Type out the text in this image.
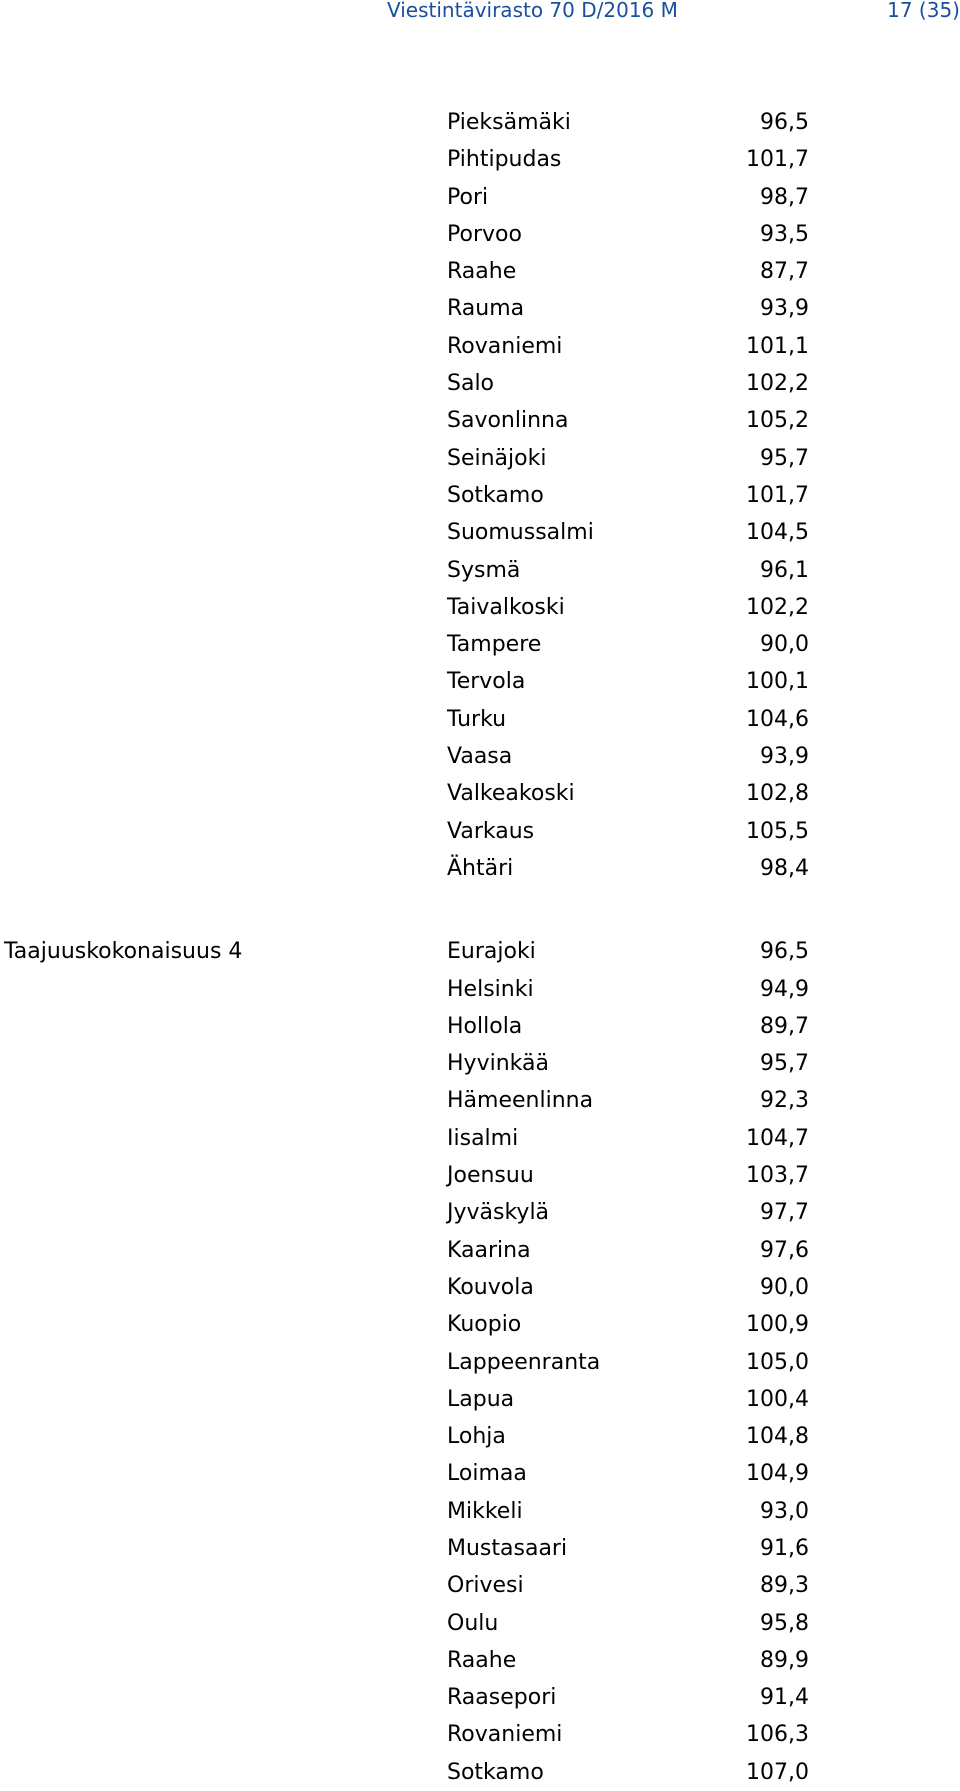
Viestintävirasto 70 D/2016 M	17 (35)
Pieksämäki	96,5
Pihtipudas	101,7
Pori	98,7
Porvoo	93,5
Raahe	87,7
Rauma	93,9
Rovaniemi	101,1
Salo	102,2
Savonlinna	105,2
Seinäjoki	95,7
Sotkamo	101,7
Suomussalmi	104,5
Sysmä	96,1
Taivalkoski	102,2
Tampere	90,0
Tervola	100,1
Turku	104,6
Vaasa	93,9
Valkeakoski	102,8
Varkaus	105,5
Ähtäri	98,4
Taajuuskokonaisuus 4	Eurajoki	96,5
Helsinki	94,9
Hollola	89,7
Hyvinkää	95,7
Hämeenlinna	92,3
Iisalmi	104,7
Joensuu	103,7
Jyväskylä	97,7
Kaarina	97,6
Kouvola	90,0
Kuopio	100,9
Lappeenranta	105,0
Lapua	100,4
Lohja	104,8
Loimaa	104,9
Mikkeli	93,0
Mustasaari	91,6
Orivesi	89,3
Oulu	95,8
Raahe	89,9
Raasepori	91,4
Rovaniemi	106,3
Sotkamo	107,0
